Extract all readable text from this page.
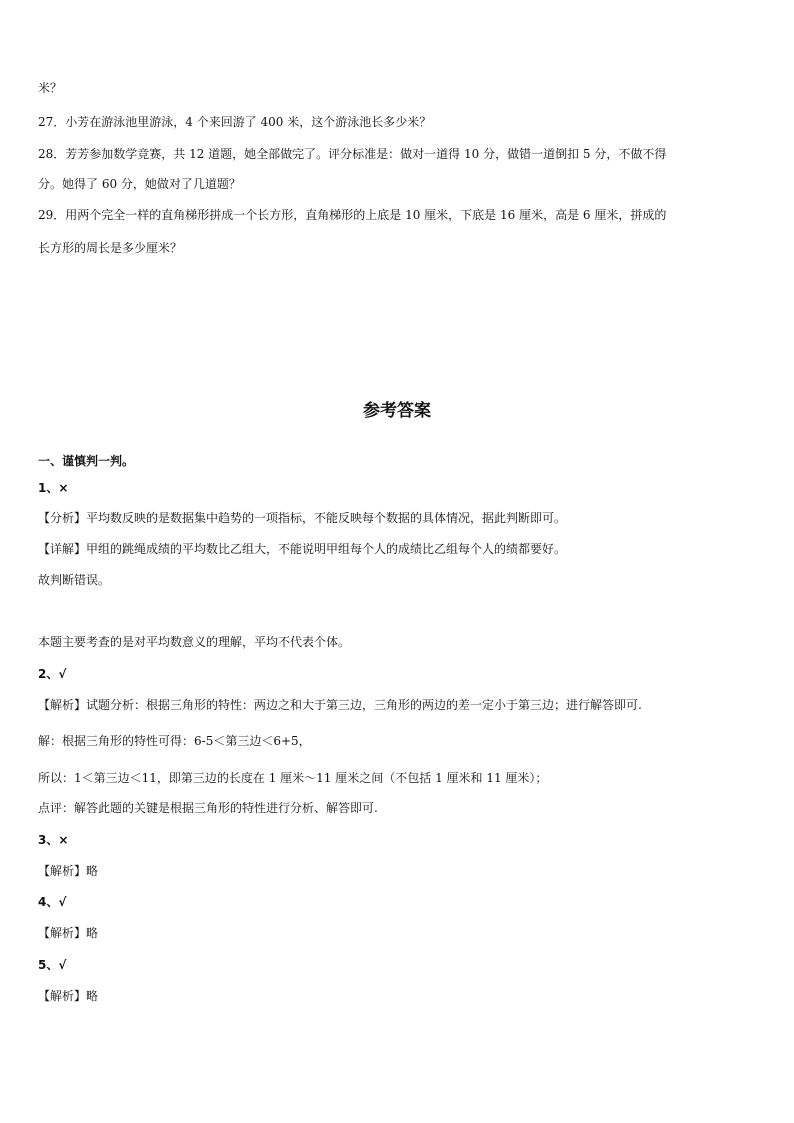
米？
27．小芳在游泳池里游泳，4 个来回游了 400 米，这个游泳池长多少米？
28．芳芳参加数学竞赛，共 12 道题，她全部做完了。评分标准是：做对一道得 10 分，做错一道倒扣 5 分，不做不得
分。她得了 60 分，她做对了几道题？
29．用两个完全一样的直角梯形拼成一个长方形，直角梯形的上底是 10 厘米，下底是 16 厘米，高是 6 厘米，拼成的
长方形的周长是多少厘米？
参考答案
一、谨慎判一判。
1、×
【分析】平均数反映的是数据集中趋势的一项指标，不能反映每个数据的具体情况，据此判断即可。
【详解】甲组的跳绳成绩的平均数比乙组大，不能说明甲组每个人的成绩比乙组每个人的绩都要好。
故判断错误。
本题主要考查的是对平均数意义的理解，平均不代表个体。
2、√
【解析】试题分析：根据三角形的特性：两边之和大于第三边，三角形的两边的差一定小于第三边；进行解答即可.
解：根据三角形的特性可得：6-5＜第三边＜6+5，
所以：1＜第三边＜11，即第三边的长度在 1 厘米～11 厘米之间（不包括 1 厘米和 11 厘米）；
点评：解答此题的关键是根据三角形的特性进行分析、解答即可.
3、×
【解析】略
4、√
【解析】略
5、√
【解析】略
